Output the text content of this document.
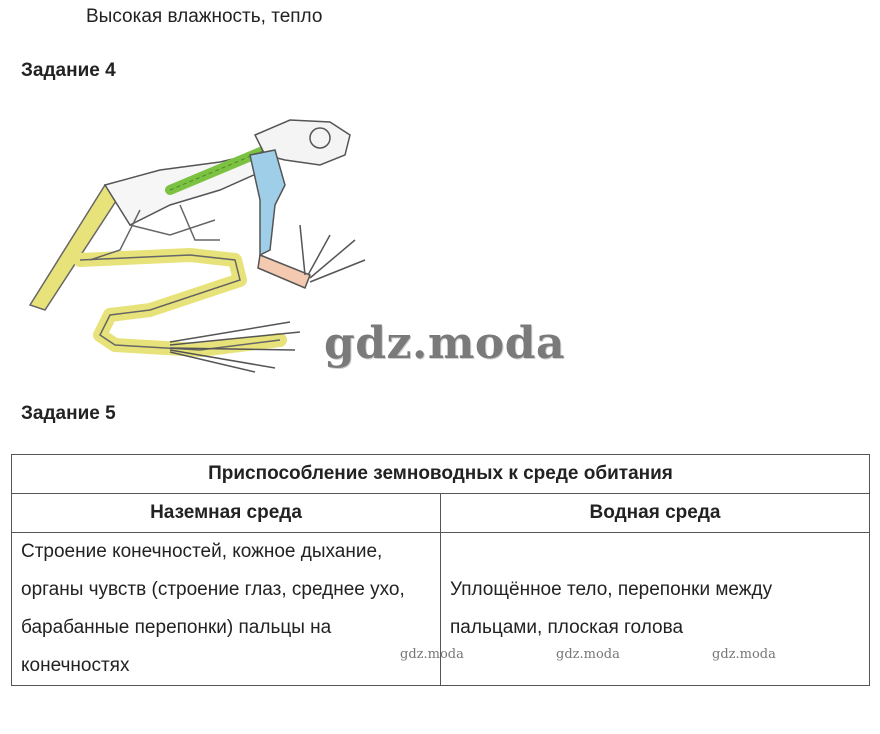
Высокая влажность, тепло
Задание 4
gdz.moda
Задание 5
Приспособление земноводных к среде обитания	
Наземная среда	Водная среда
Строение конечностей, кожное дыхание, органы чувств (строение глаз, среднее ухо, барабанные перепонки) пальцы на конечностях	Уплощённое тело, перепонки между пальцами, плоская голова
gdz.moda	gdz.moda	gdz.moda
